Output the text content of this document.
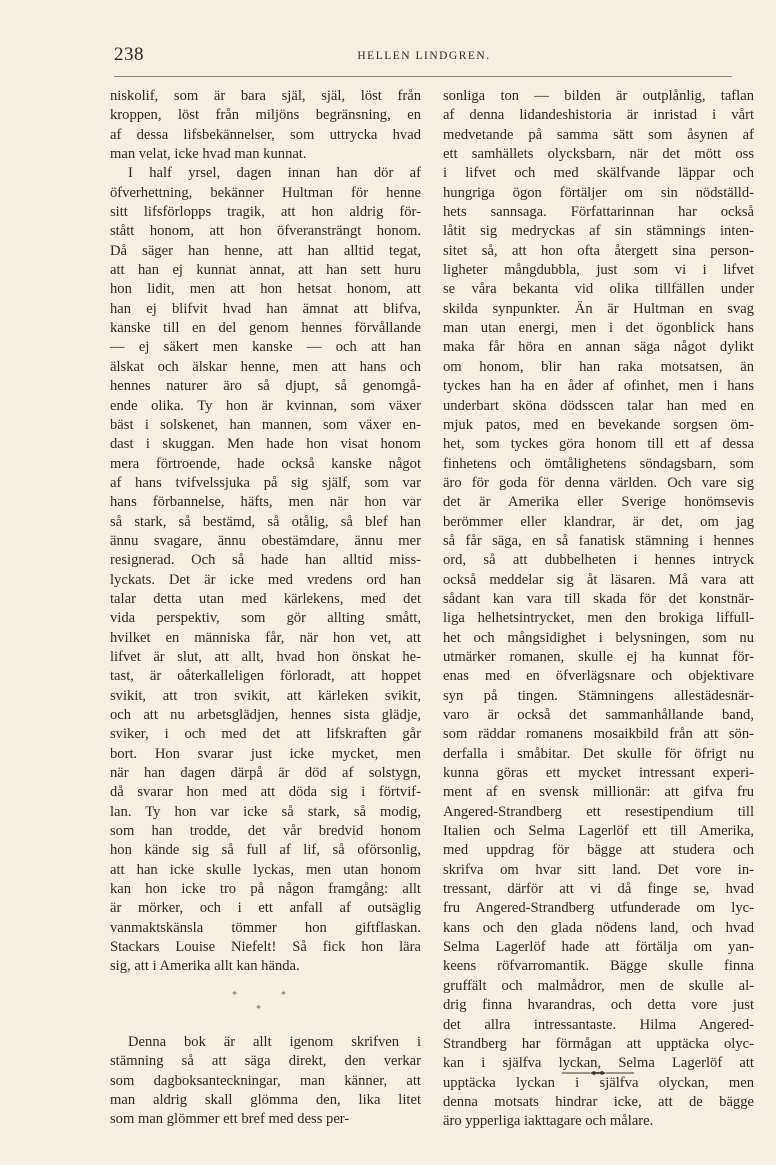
238	HELLEN LINDGREN.

niskolif, som är bara själ, själ, löst från

kroppen, löst från miljöns begränsning, en

af dessa lifsbekännelser, som uttrycka hvad

man velat, icke hvad man kunnat.

I half yrsel, dagen innan han dör af

öfverhettning, bekänner Hultman för henne

sitt lifsförlopps tragik, att hon aldrig för-

stått honom, att hon öfveransträngt honom.

Då säger han henne, att han alltid tegat,

att han ej kunnat annat, att han sett huru

hon lidit, men att hon hetsat honom, att

han ej blifvit hvad han ämnat att blifva,

kanske till en del genom hennes förvållande

— ej säkert men kanske — och att han

älskat och älskar henne, men att hans och

hennes naturer äro så djupt, så genomgå-

ende olika. Ty hon är kvinnan, som växer

bäst i solskenet, han mannen, som växer en-

dast i skuggan. Men hade hon visat honom

mera förtroende, hade också kanske något

af hans tvifvelssjuka på sig själf, som var

hans förbannelse, häfts, men när hon var

så stark, så bestämd, så otålig, så blef han

ännu svagare, ännu obestämdare, ännu mer

resignerad. Och så hade han alltid miss-

lyckats. Det är icke med vredens ord han

talar detta utan med kärlekens, med det

vida perspektiv, som gör allting smått,

hvilket en människa får, när hon vet, att

lifvet är slut, att allt, hvad hon önskat he-

tast, är oåterkalleligen förloradt, att hoppet

svikit, att tron svikit, att kärleken svikit,

och att nu arbetsglädjen, hennes sista glädje,

sviker, i och med det att lifskraften går

bort. Hon svarar just icke mycket, men

när han dagen därpå är död af solstygn,

då svarar hon med att döda sig i förtvif-

lan. Ty hon var icke så stark, så modig,

som han trodde, det vår bredvid honom

hon kände sig så full af lif, så oförsonlig,

att han icke skulle lyckas, men utan honom

kan hon icke tro på någon framgång: allt

är mörker, och i ett anfall af outsäglig

vanmaktskänsla tömmer hon giftflaskan.

Stackars Louise Niefelt! Så fick hon lära

sig, att i Amerika allt kan hända.

*	*
*

Denna bok är allt igenom skrifven i

stämning så att säga direkt, den verkar

som dagboksanteckningar, man känner, att

man aldrig skall glömma den, lika litet

som man glömmer ett bref med dess per-

sonliga ton — bilden är outplånlig, taflan

af denna lidandeshistoria är inristad i vårt

medvetande på samma sätt som åsynen af

ett samhällets olycksbarn, när det mött oss

i lifvet och med skälfvande läppar och

hungriga ögon förtäljer om sin nödställd-

hets sannsaga. Författarinnan har också

låtit sig medryckas af sin stämnings inten-

sitet så, att hon ofta återgett sina person-

ligheter mångdubbla, just som vi i lifvet

se våra bekanta vid olika tillfällen under

skilda synpunkter. Än är Hultman en svag

man utan energi, men i det ögonblick hans

maka får höra en annan säga något dylikt

om honom, blir han raka motsatsen, än

tyckes han ha en åder af ofinhet, men i hans

underbart sköna dödsscen talar han med en

mjuk patos, med en bevekande sorgsen öm-

het, som tyckes göra honom till ett af dessa

finhetens och ömtålighetens söndagsbarn, som

äro för goda för denna världen. Och vare sig

det är Amerika eller Sverige honömsevis

berömmer eller klandrar, är det, om jag

så får säga, en så fanatisk stämning i hennes

ord, så att dubbelheten i hennes intryck

också meddelar sig åt läsaren. Må vara att

sådant kan vara till skada för det konstnär-

liga helhetsintrycket, men den brokiga liffull-

het och mångsidighet i belysningen, som nu

utmärker romanen, skulle ej ha kunnat för-

enas med en öfverlägsnare och objektivare

syn på tingen. Stämningens allestädesnär-

varo är också det sammanhållande band,

som räddar romanens mosaikbild från att sön-

derfalla i småbitar. Det skulle för öfrigt nu

kunna göras ett mycket intressant experi-

ment af en svensk millionär: att gifva fru

Angered-Strandberg ett resestipendium till

Italien och Selma Lagerlöf ett till Amerika,

med uppdrag för bägge att studera och

skrifva om hvar sitt land. Det vore in-

tressant, därför att vi då finge se, hvad

fru Angered-Strandberg utfunderade om lyc-

kans och den glada nödens land, och hvad

Selma Lagerlöf hade att förtälja om yan-

keens röfvarromantik. Bägge skulle finna

gruffält och malmådror, men de skulle al-

drig finna hvarandras, och detta vore just

det allra intressantaste. Hilma Angered-

Strandberg har förmågan att upptäcka olyc-

kan i själfva lyckan, Selma Lagerlöf att

upptäcka lyckan i själfva olyckan, men

denna motsats hindrar icke, att de bägge

äro ypperliga iakttagare och målare.
